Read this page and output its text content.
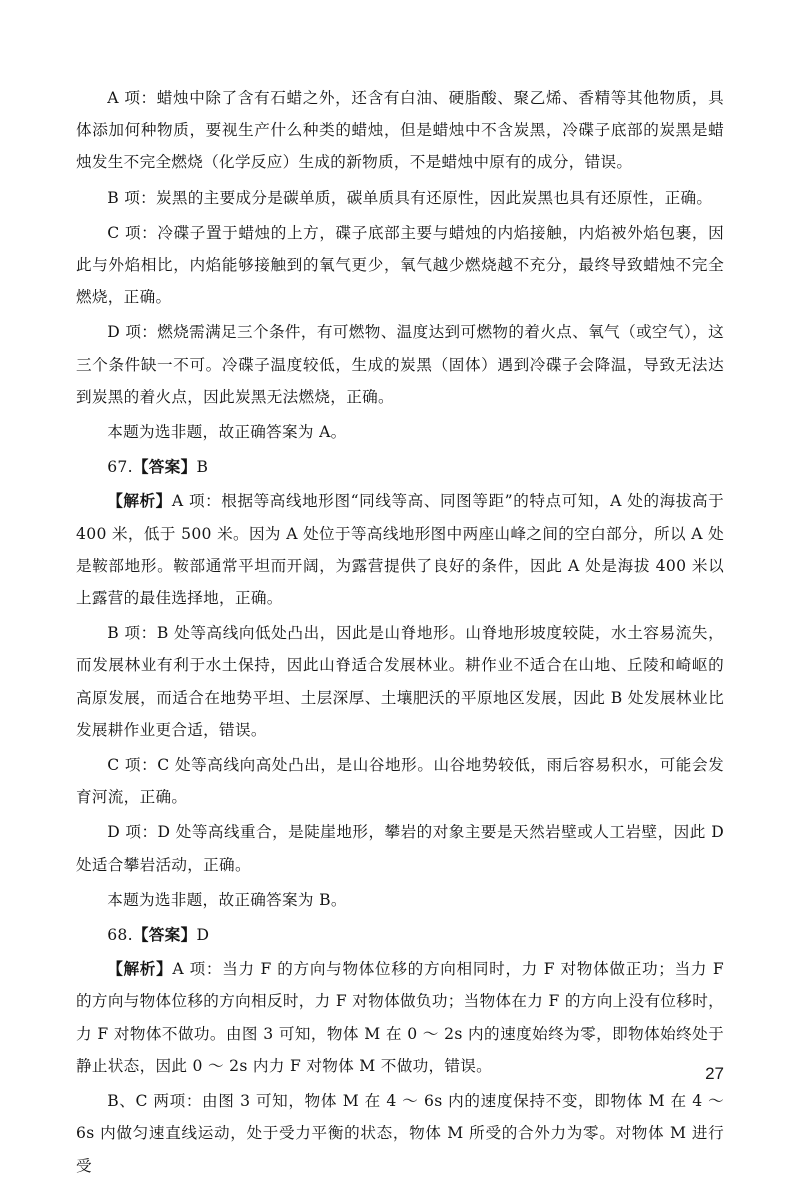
A 项：蜡烛中除了含有石蜡之外，还含有白油、硬脂酸、聚乙烯、香精等其他物质，具体添加何种物质，要视生产什么种类的蜡烛，但是蜡烛中不含炭黑，冷碟子底部的炭黑是蜡烛发生不完全燃烧（化学反应）生成的新物质，不是蜡烛中原有的成分，错误。

B 项：炭黑的主要成分是碳单质，碳单质具有还原性，因此炭黑也具有还原性，正确。

C 项：冷碟子置于蜡烛的上方，碟子底部主要与蜡烛的内焰接触，内焰被外焰包裹，因此与外焰相比，内焰能够接触到的氧气更少，氧气越少燃烧越不充分，最终导致蜡烛不完全燃烧，正确。

D 项：燃烧需满足三个条件，有可燃物、温度达到可燃物的着火点、氧气（或空气），这三个条件缺一不可。冷碟子温度较低，生成的炭黑（固体）遇到冷碟子会降温，导致无法达到炭黑的着火点，因此炭黑无法燃烧，正确。

本题为选非题，故正确答案为 A。

67.【答案】B

【解析】A 项：根据等高线地形图“同线等高、同图等距”的特点可知，A 处的海拔高于 400 米，低于 500 米。因为 A 处位于等高线地形图中两座山峰之间的空白部分，所以 A 处是鞍部地形。鞍部通常平坦而开阔，为露营提供了良好的条件，因此 A 处是海拔 400 米以上露营的最佳选择地，正确。

B 项：B 处等高线向低处凸出，因此是山脊地形。山脊地形坡度较陡，水土容易流失，而发展林业有利于水土保持，因此山脊适合发展林业。耕作业不适合在山地、丘陵和崎岖的高原发展，而适合在地势平坦、土层深厚、土壤肥沃的平原地区发展，因此 B 处发展林业比发展耕作业更合适，错误。

C 项：C 处等高线向高处凸出，是山谷地形。山谷地势较低，雨后容易积水，可能会发育河流，正确。

D 项：D 处等高线重合，是陡崖地形，攀岩的对象主要是天然岩壁或人工岩壁，因此 D 处适合攀岩活动，正确。

本题为选非题，故正确答案为 B。

68.【答案】D

【解析】A 项：当力 F 的方向与物体位移的方向相同时，力 F 对物体做正功；当力 F 的方向与物体位移的方向相反时，力 F 对物体做负功；当物体在力 F 的方向上没有位移时，力 F 对物体不做功。由图 3 可知，物体 M 在 0 ～ 2s 内的速度始终为零，即物体始终处于静止状态，因此 0 ～ 2s 内力 F 对物体 M 不做功，错误。

B、C 两项：由图 3 可知，物体 M 在 4 ～ 6s 内的速度保持不变，即物体 M 在 4 ～ 6s 内做匀速直线运动，处于受力平衡的状态，物体 M 所受的合外力为零。对物体 M 进行受

27
